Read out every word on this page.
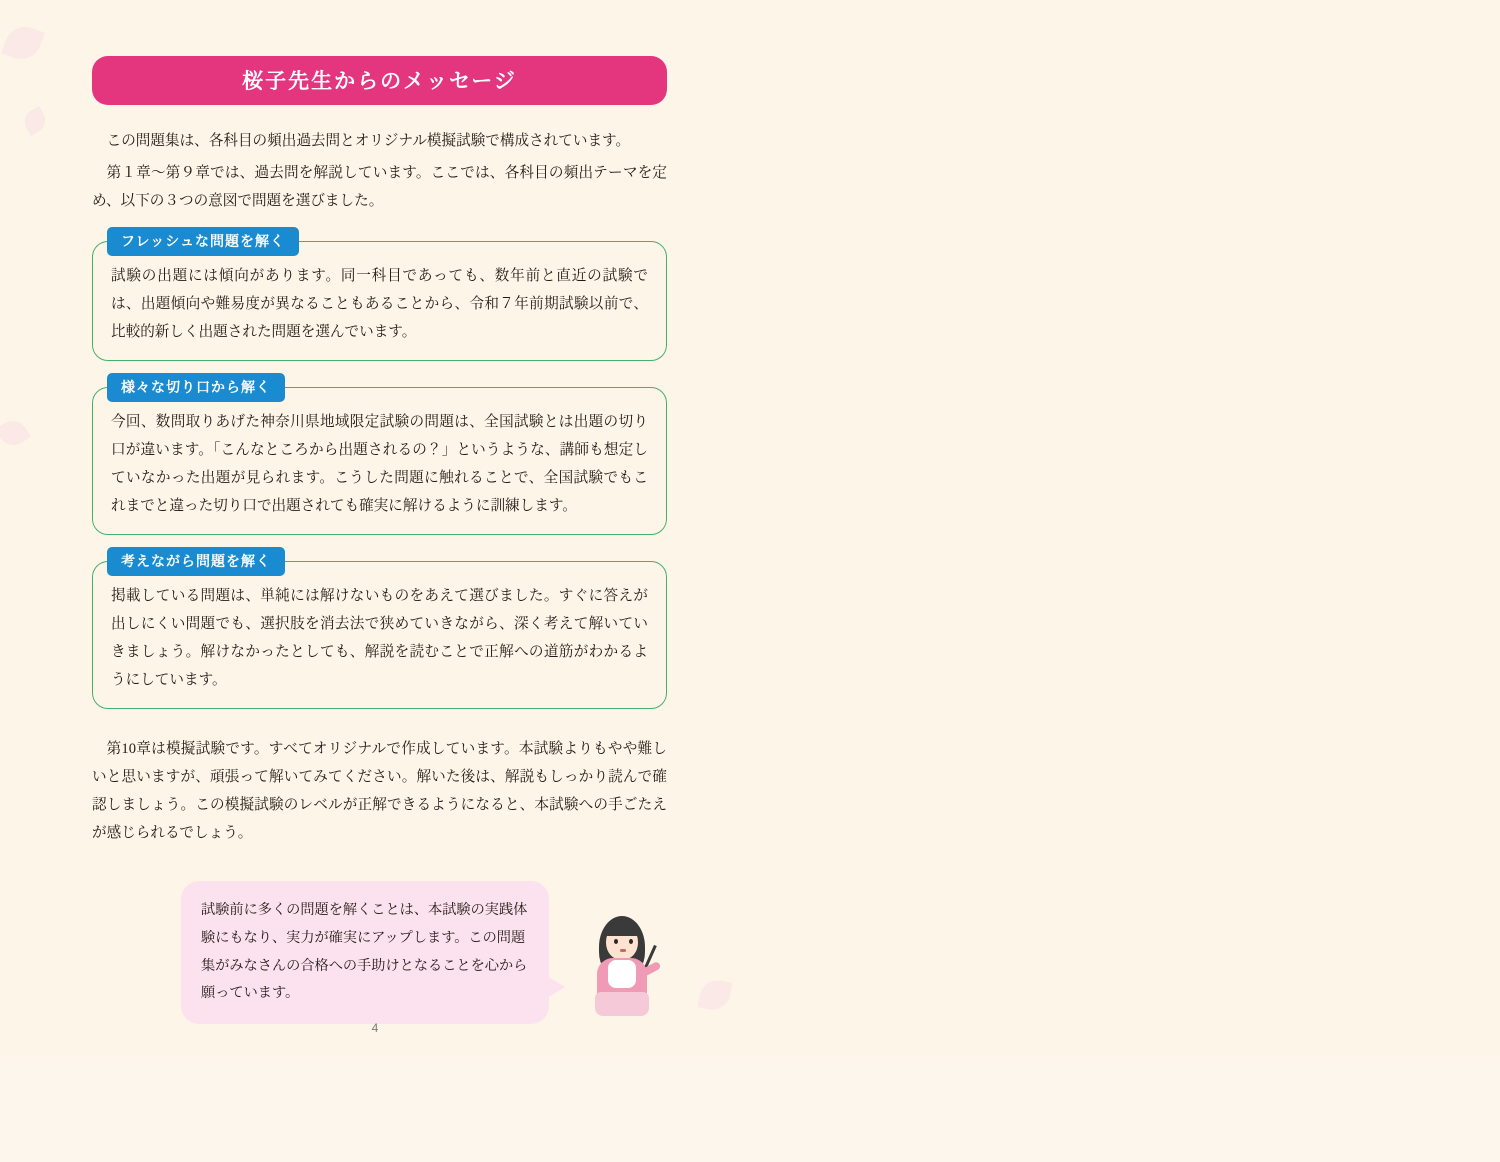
桜子先生からのメッセージ

この問題集は、各科目の頻出過去問とオリジナル模擬試験で構成されています。

第１章〜第９章では、過去問を解説しています。ここでは、各科目の頻出テーマを定め、以下の３つの意図で問題を選びました。

フレッシュな問題を解く

試験の出題には傾向があります。同一科目であっても、数年前と直近の試験では、出題傾向や難易度が異なることもあることから、令和７年前期試験以前で、比較的新しく出題された問題を選んでいます。

様々な切り口から解く

今回、数問取りあげた神奈川県地域限定試験の問題は、全国試験とは出題の切り口が違います。「こんなところから出題されるの？」というような、講師も想定していなかった出題が見られます。こうした問題に触れることで、全国試験でもこれまでと違った切り口で出題されても確実に解けるように訓練します。

考えながら問題を解く

掲載している問題は、単純には解けないものをあえて選びました。すぐに答えが出しにくい問題でも、選択肢を消去法で狭めていきながら、深く考えて解いていきましょう。解けなかったとしても、解説を読むことで正解への道筋がわかるようにしています。

第10章は模擬試験です。すべてオリジナルで作成しています。本試験よりもやや難しいと思いますが、頑張って解いてみてください。解いた後は、解説もしっかり読んで確認しましょう。この模擬試験のレベルが正解できるようになると、本試験への手ごたえが感じられるでしょう。

試験前に多くの問題を解くことは、本試験の実践体験にもなり、実力が確実にアップします。この問題集がみなさんの合格への手助けとなることを心から願っています。
4
